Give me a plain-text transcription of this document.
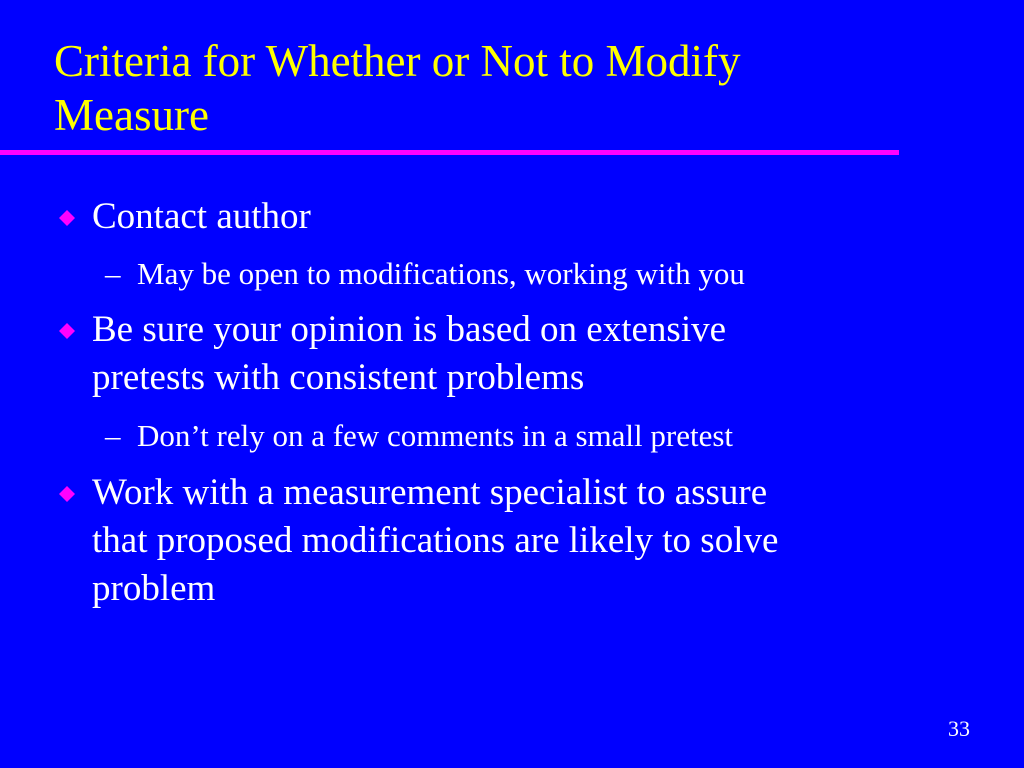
Criteria for Whether or Not to Modify
Measure
Contact author
– May be open to modifications, working with you
Be sure your opinion is based on extensive
pretests with consistent problems
– Don’t rely on a few comments in a small pretest
Work with a measurement specialist to assure
that proposed modifications are likely to solve
problem
33
